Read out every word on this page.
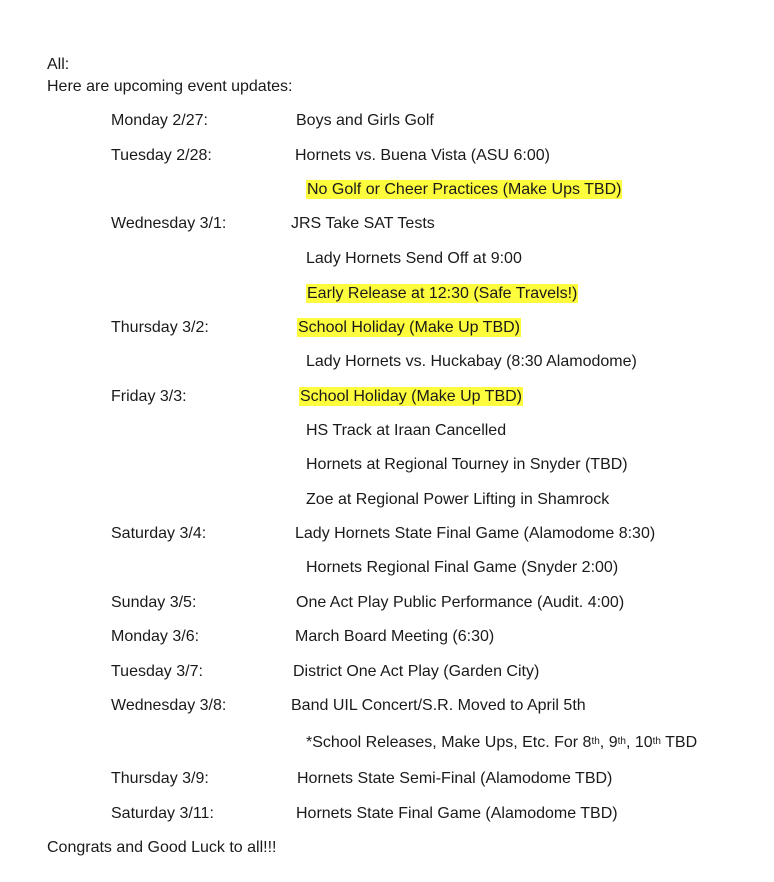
All:
Here are upcoming event updates:
Monday 2/27:	Boys and Girls Golf
Tuesday 2/28:	Hornets vs. Buena Vista (ASU 6:00)
No Golf or Cheer Practices (Make Ups TBD)
Wednesday 3/1:	JRS Take SAT Tests
Lady Hornets Send Off at 9:00
Early Release at 12:30 (Safe Travels!)
Thursday 3/2:	School Holiday (Make Up TBD)
Lady Hornets vs. Huckabay (8:30 Alamodome)
Friday 3/3:	School Holiday (Make Up TBD)
HS Track at Iraan Cancelled
Hornets at Regional Tourney in Snyder (TBD)
Zoe at Regional Power Lifting in Shamrock
Saturday 3/4:	Lady Hornets State Final Game (Alamodome 8:30)
Hornets Regional Final Game (Snyder 2:00)
Sunday 3/5:	One Act Play Public Performance (Audit. 4:00)
Monday 3/6:	March Board Meeting (6:30)
Tuesday 3/7:	District One Act Play (Garden City)
Wednesday 3/8:	Band UIL Concert/S.R. Moved to April 5th
*School Releases, Make Ups, Etc. For 8th, 9th, 10th TBD
Thursday 3/9:	Hornets State Semi-Final (Alamodome TBD)
Saturday 3/11:	Hornets State Final Game (Alamodome TBD)
Congrats and Good Luck to all!!!
